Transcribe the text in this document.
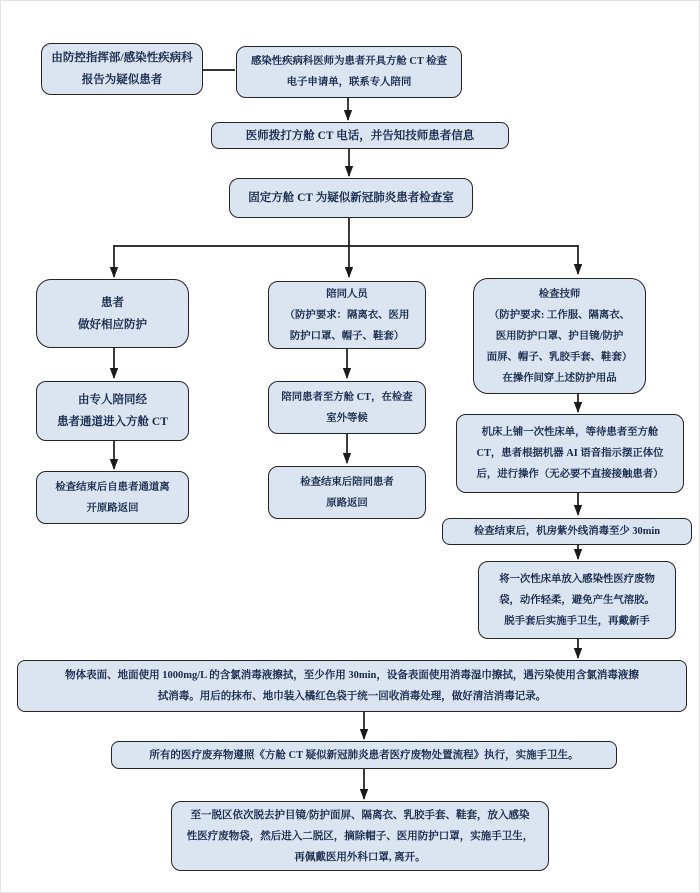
由防控指挥部/感染性疾病科
报告为疑似患者
感染性疾病科医师为患者开具方舱 CT 检查
电子申请单，联系专人陪同
医师拨打方舱 CT 电话，并告知技师患者信息
固定方舱 CT 为疑似新冠肺炎患者检查室
患者
做好相应防护
由专人陪同经
患者通道进入方舱 CT
检查结束后自患者通道离
开原路返回
陪同人员
（防护要求：隔离衣、医用
防护口罩、帽子、鞋套）
陪同患者至方舱 CT，在检查
室外等候
检查结束后陪同患者
原路返回
检查技师
（防护要求: 工作服、隔离衣、
医用防护口罩、护目镜/防护
面屏、帽子、乳胶手套、鞋套）
在操作间穿上述防护用品
机床上铺一次性床单，等待患者至方舱
CT，患者根据机器 AI 语音指示摆正体位
后，进行操作（无必要不直接接触患者）
检查结束后，机房紫外线消毒至少 30min
将一次性床单放入感染性医疗废物
袋，动作轻柔，避免产生气溶胶。
脱手套后实施手卫生，再戴新手
物体表面、地面使用 1000mg/L 的含氯消毒液擦拭，至少作用 30min，设备表面使用消毒湿巾擦拭，遇污染使用含氯消毒液擦
拭消毒。用后的抹布、地巾装入橘红色袋于统一回收消毒处理，做好清洁消毒记录。
所有的医疗废弃物遵照《方舱 CT 疑似新冠肺炎患者医疗废物处置流程》执行，实施手卫生。
至一脱区依次脱去护目镜/防护面屏、隔离衣、乳胶手套、鞋套，放入感染
性医疗废物袋，然后进入二脱区，摘除帽子、医用防护口罩，实施手卫生，
再佩戴医用外科口罩, 离开。
